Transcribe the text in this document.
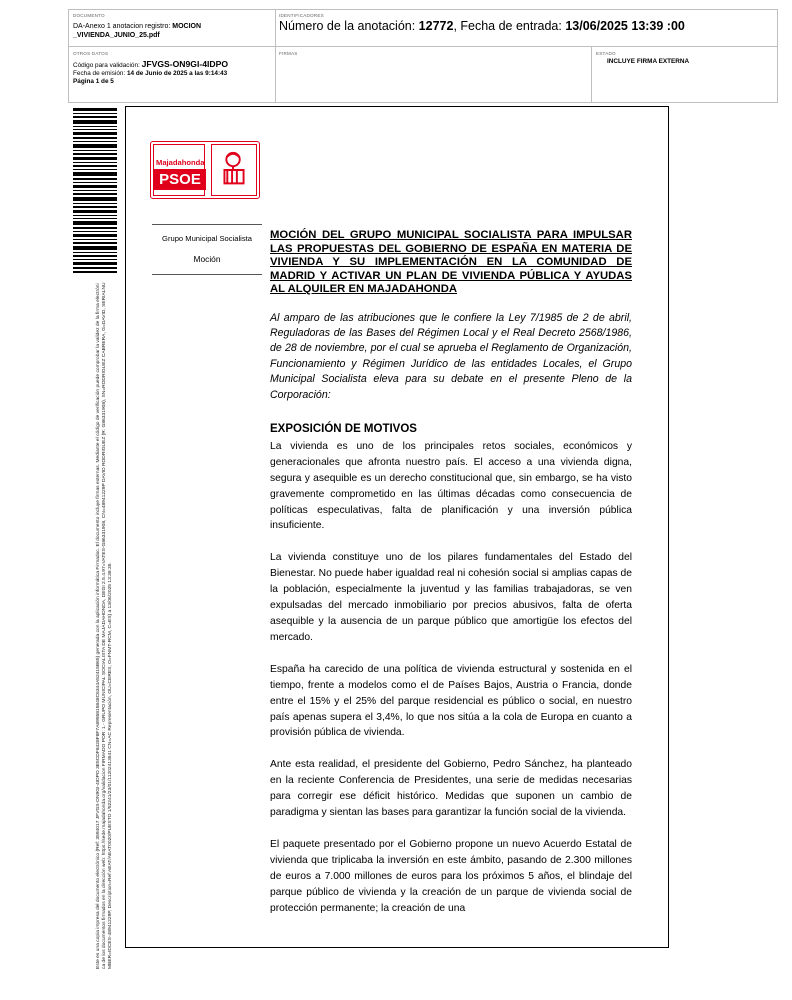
DOCUMENTO
DA-Anexo 1 anotacion registro: MOCION _VIVIENDA_JUNIO_25.pdf
IDENTIFICADORES
Número de la anotación: 12772, Fecha de entrada: 13/06/2025 13:39 :00
OTROS DATOS
Código para validación: JFVGS-ON9GI-4IDPO
Fecha de emisión: 14 de Junio de 2025 a las 9:14:43
Página 1 de 5
FIRMAS	ESTADO
INCLUYE FIRMA EXTERNA
Este es una copia impresa del documento electrónico (Ref: 3594017 JFVGS-ON9GI-4IDPO 3E5CDF8428F8F7A8955815848C6344A52415B65) generada con la aplicación informática Firmadoc. El documento incluye firmas externas. Mediante el código de verificación puede comprobar la validez de la firma electrónica de los documentos firmados en la dirección web: https://sede.majadahonda.org/validacion FIRMADO POR: 1.- GRUPO MUNICIPAL SOCIALISTA DE MAJADAHONDA, DEGI 2.5.4.97=VATES-G86331908, CN=48941229P DAVID RODRIGUEZ (R: G86331908), SN=RODRIGUEZ CABRERA, G=DAVID, SERIALNUMBER=IDCES-48941229P, Description=Ref:AEAT/AEAT0020/PUESTO 1/52241/23/01/11202413541 CN=AC Representación, OU=CERES, O=FNMT-RCM, C=ES) a 13/06/2025 13:38:35.
Majadahonda
PSOE
Grupo Municipal Socialista
Moción

MOCIÓN DEL GRUPO MUNICIPAL SOCIALISTA PARA IMPULSAR LAS PROPUESTAS DEL GOBIERNO DE ESPAÑA EN MATERIA DE VIVIENDA Y SU IMPLEMENTACIÓN EN LA COMUNIDAD DE MADRID Y ACTIVAR UN PLAN DE VIVIENDA PÚBLICA Y AYUDAS AL ALQUILER EN MAJADAHONDA

Al amparo de las atribuciones que le confiere la Ley 7/1985 de 2 de abril, Reguladoras de las Bases del Régimen Local y el Real Decreto 2568/1986, de 28 de noviembre, por el cual se aprueba el Reglamento de Organización, Funcionamiento y Régimen Jurídico de las entidades Locales, el Grupo Municipal Socialista eleva para su debate en el presente Pleno de la Corporación:

EXPOSICIÓN DE MOTIVOS

La vivienda es uno de los principales retos sociales, económicos y generacionales que afronta nuestro país. El acceso a una vivienda digna, segura y asequible es un derecho constitucional que, sin embargo, se ha visto gravemente comprometido en las últimas décadas como consecuencia de políticas especulativas, falta de planificación y una inversión pública insuficiente.

La vivienda constituye uno de los pilares fundamentales del Estado del Bienestar. No puede haber igualdad real ni cohesión social si amplias capas de la población, especialmente la juventud y las familias trabajadoras, se ven expulsadas del mercado inmobiliario por precios abusivos, falta de oferta asequible y la ausencia de un parque público que amortigüe los efectos del mercado.

España ha carecido de una política de vivienda estructural y sostenida en el tiempo, frente a modelos como el de Países Bajos, Austria o Francia, donde entre el 15% y el 25% del parque residencial es público o social, en nuestro país apenas supera el 3,4%, lo que nos sitúa a la cola de Europa en cuanto a provisión pública de vivienda.

Ante esta realidad, el presidente del Gobierno, Pedro Sánchez, ha planteado en la reciente Conferencia de Presidentes, una serie de medidas necesarias para corregir ese déficit histórico. Medidas que suponen un cambio de paradigma y sientan las bases para garantizar la función social de la vivienda.

El paquete presentado por el Gobierno propone un nuevo Acuerdo Estatal de vivienda que triplicaba la inversión en este ámbito, pasando de 2.300 millones de euros a 7.000 millones de euros para los próximos 5 años, el blindaje del parque público de vivienda y la creación de un parque de vivienda social de protección permanente; la creación de una
